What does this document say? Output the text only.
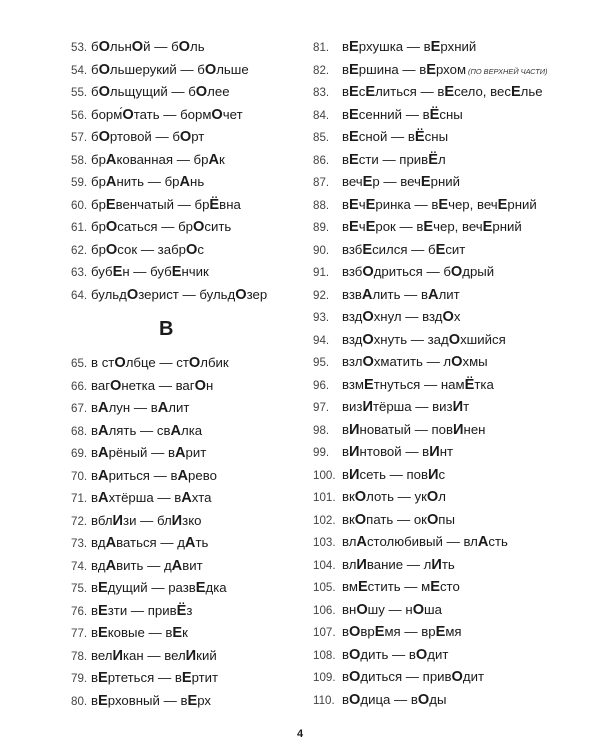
53. бОльнОй — бОль
54. бОльшерукий — бОльше
55. бОльщущий — бОлее
56. бормОтать — бормОчет
57. бОртовой — бОрт
58. брАкованная — брАк
59. брАнить — брАнь
60. брЕвенчатый — брЁвна
61. брОсаться — брОсить
62. брОсок — забрОс
63. бубЕн — бубЕнчик
64. бульдОзерист — бульдОзер
В
65. в стОлбце — стОлбик
66. вагОнетка — вагОн
67. вАлун — вАлит
68. вАлять — свАлка
69. вАрёный — вАрит
70. вАриться — вАрево
71. вАхтёрша — вАхта
72. вблИзи — блИзко
73. вдАваться — дАть
74. вдАвить — дАвит
75. вЕдущий — развЕдка
76. вЕзти — привЁз
77. вЕковые — вЕк
78. велИкан — велИкий
79. вЕртеться — вЕртит
80. вЕрховный — вЕрх
81. вЕрхушка — вЕрхний
82. вЕршина — вЕрхом (ПО ВЕРХНЕЙ ЧАСТИ)
83. вЕсЕлиться — вЕсело, весЕлье
84. вЕсенний — вЁсны
85. вЕсной — вЁсны
86. вЕсти — привЁл
87. вечЕр — вечЕрний
88. вЕчЕринка — вЕчер, вечЕрний
89. вЕчЕрок — вЕчер, вечЕрний
90. взбЕсился — бЕсит
91. взбОдриться — бОдрый
92. взвАлить — вАлит
93. вздОхнул — вздОх
94. вздОхнуть — задОхшийся
95. взлОхматить — лОхмы
96. взмЕтнуться — намЁтка
97. визИтёрша — визИт
98. вИноватый — повИнен
99. вИнтовой — вИнт
100. вИсеть — повИс
101. вкОлоть — укОл
102. вкОпать — окОпы
103. влАстолюбивый — влАсть
104. влИвание — лИть
105. вмЕстить — мЕсто
106. внОшу — нОша
107. вОврЕмя — врЕмя
108. вОдить — вОдит
109. вОдиться — привОдит
110. вОдица — вОды
4
